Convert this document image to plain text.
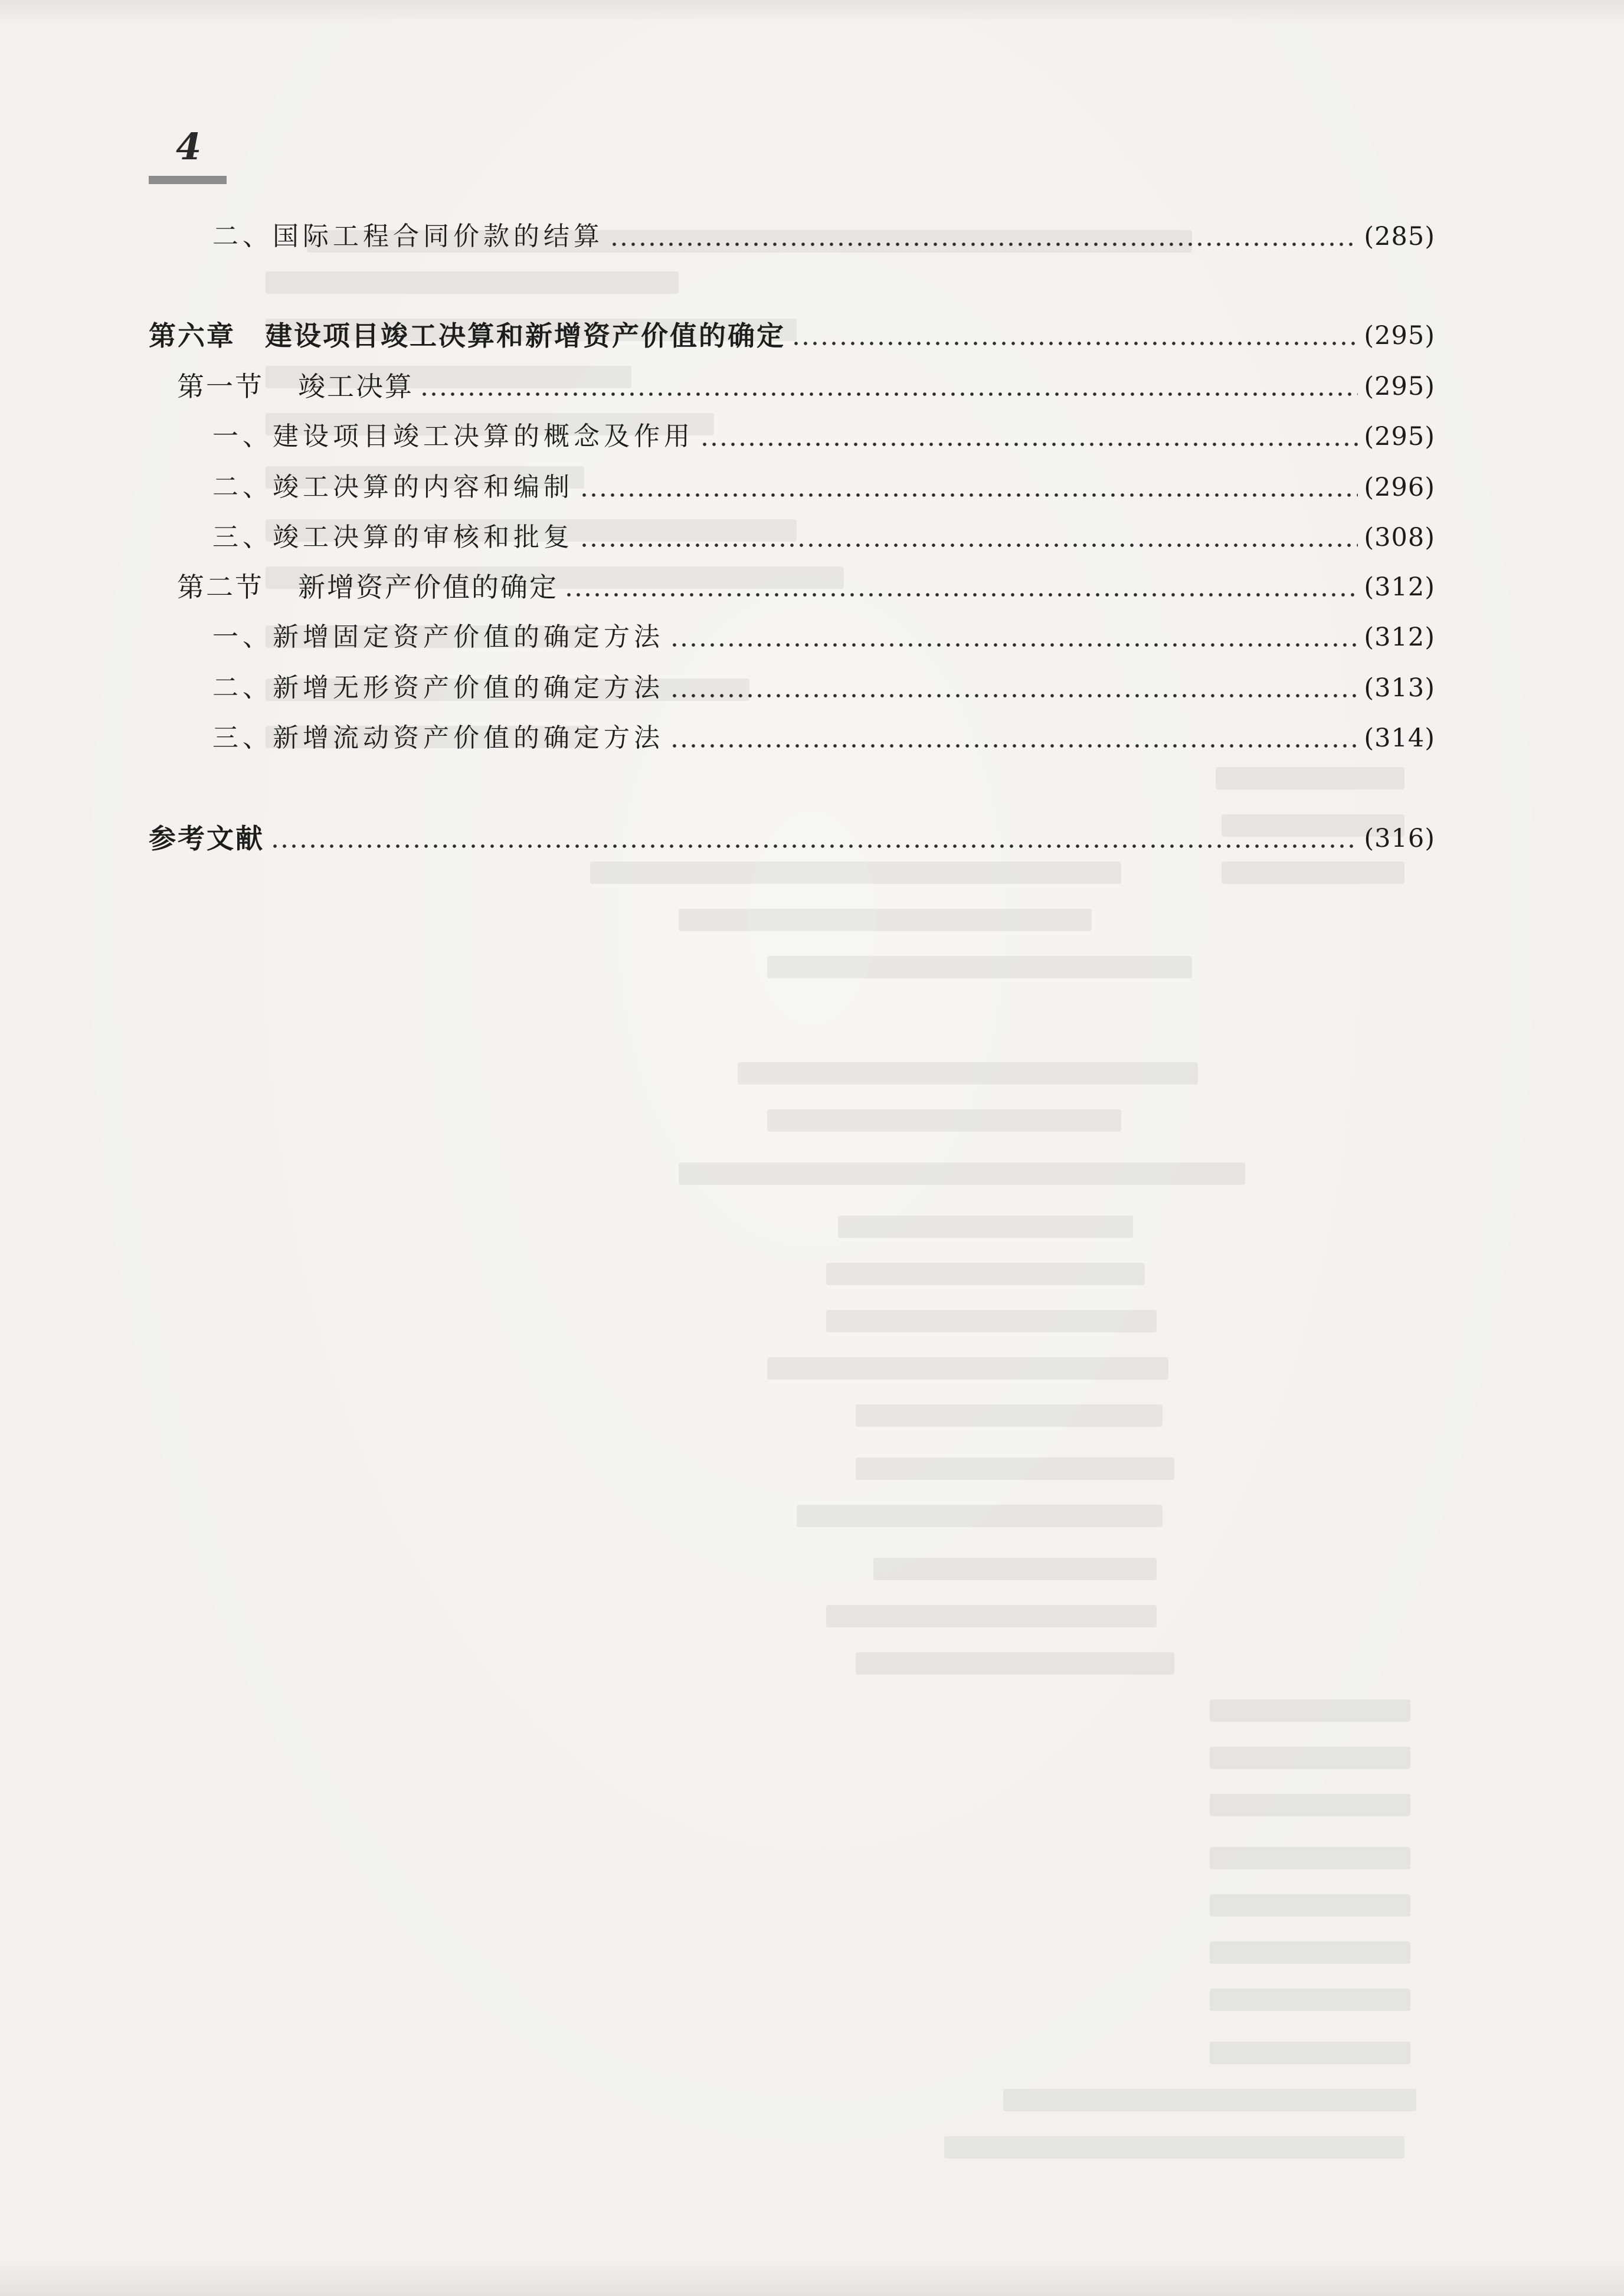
4
二、国际工程合同价款的结算	(285)
第六章 建设项目竣工决算和新增资产价值的确定	(295)
第一节 竣工决算	(295)
一、建设项目竣工决算的概念及作用	(295)
二、竣工决算的内容和编制	(296)
三、竣工决算的审核和批复	(308)
第二节 新增资产价值的确定	(312)
一、新增固定资产价值的确定方法	(312)
二、新增无形资产价值的确定方法	(313)
三、新增流动资产价值的确定方法	(314)
参考文献	(316)
